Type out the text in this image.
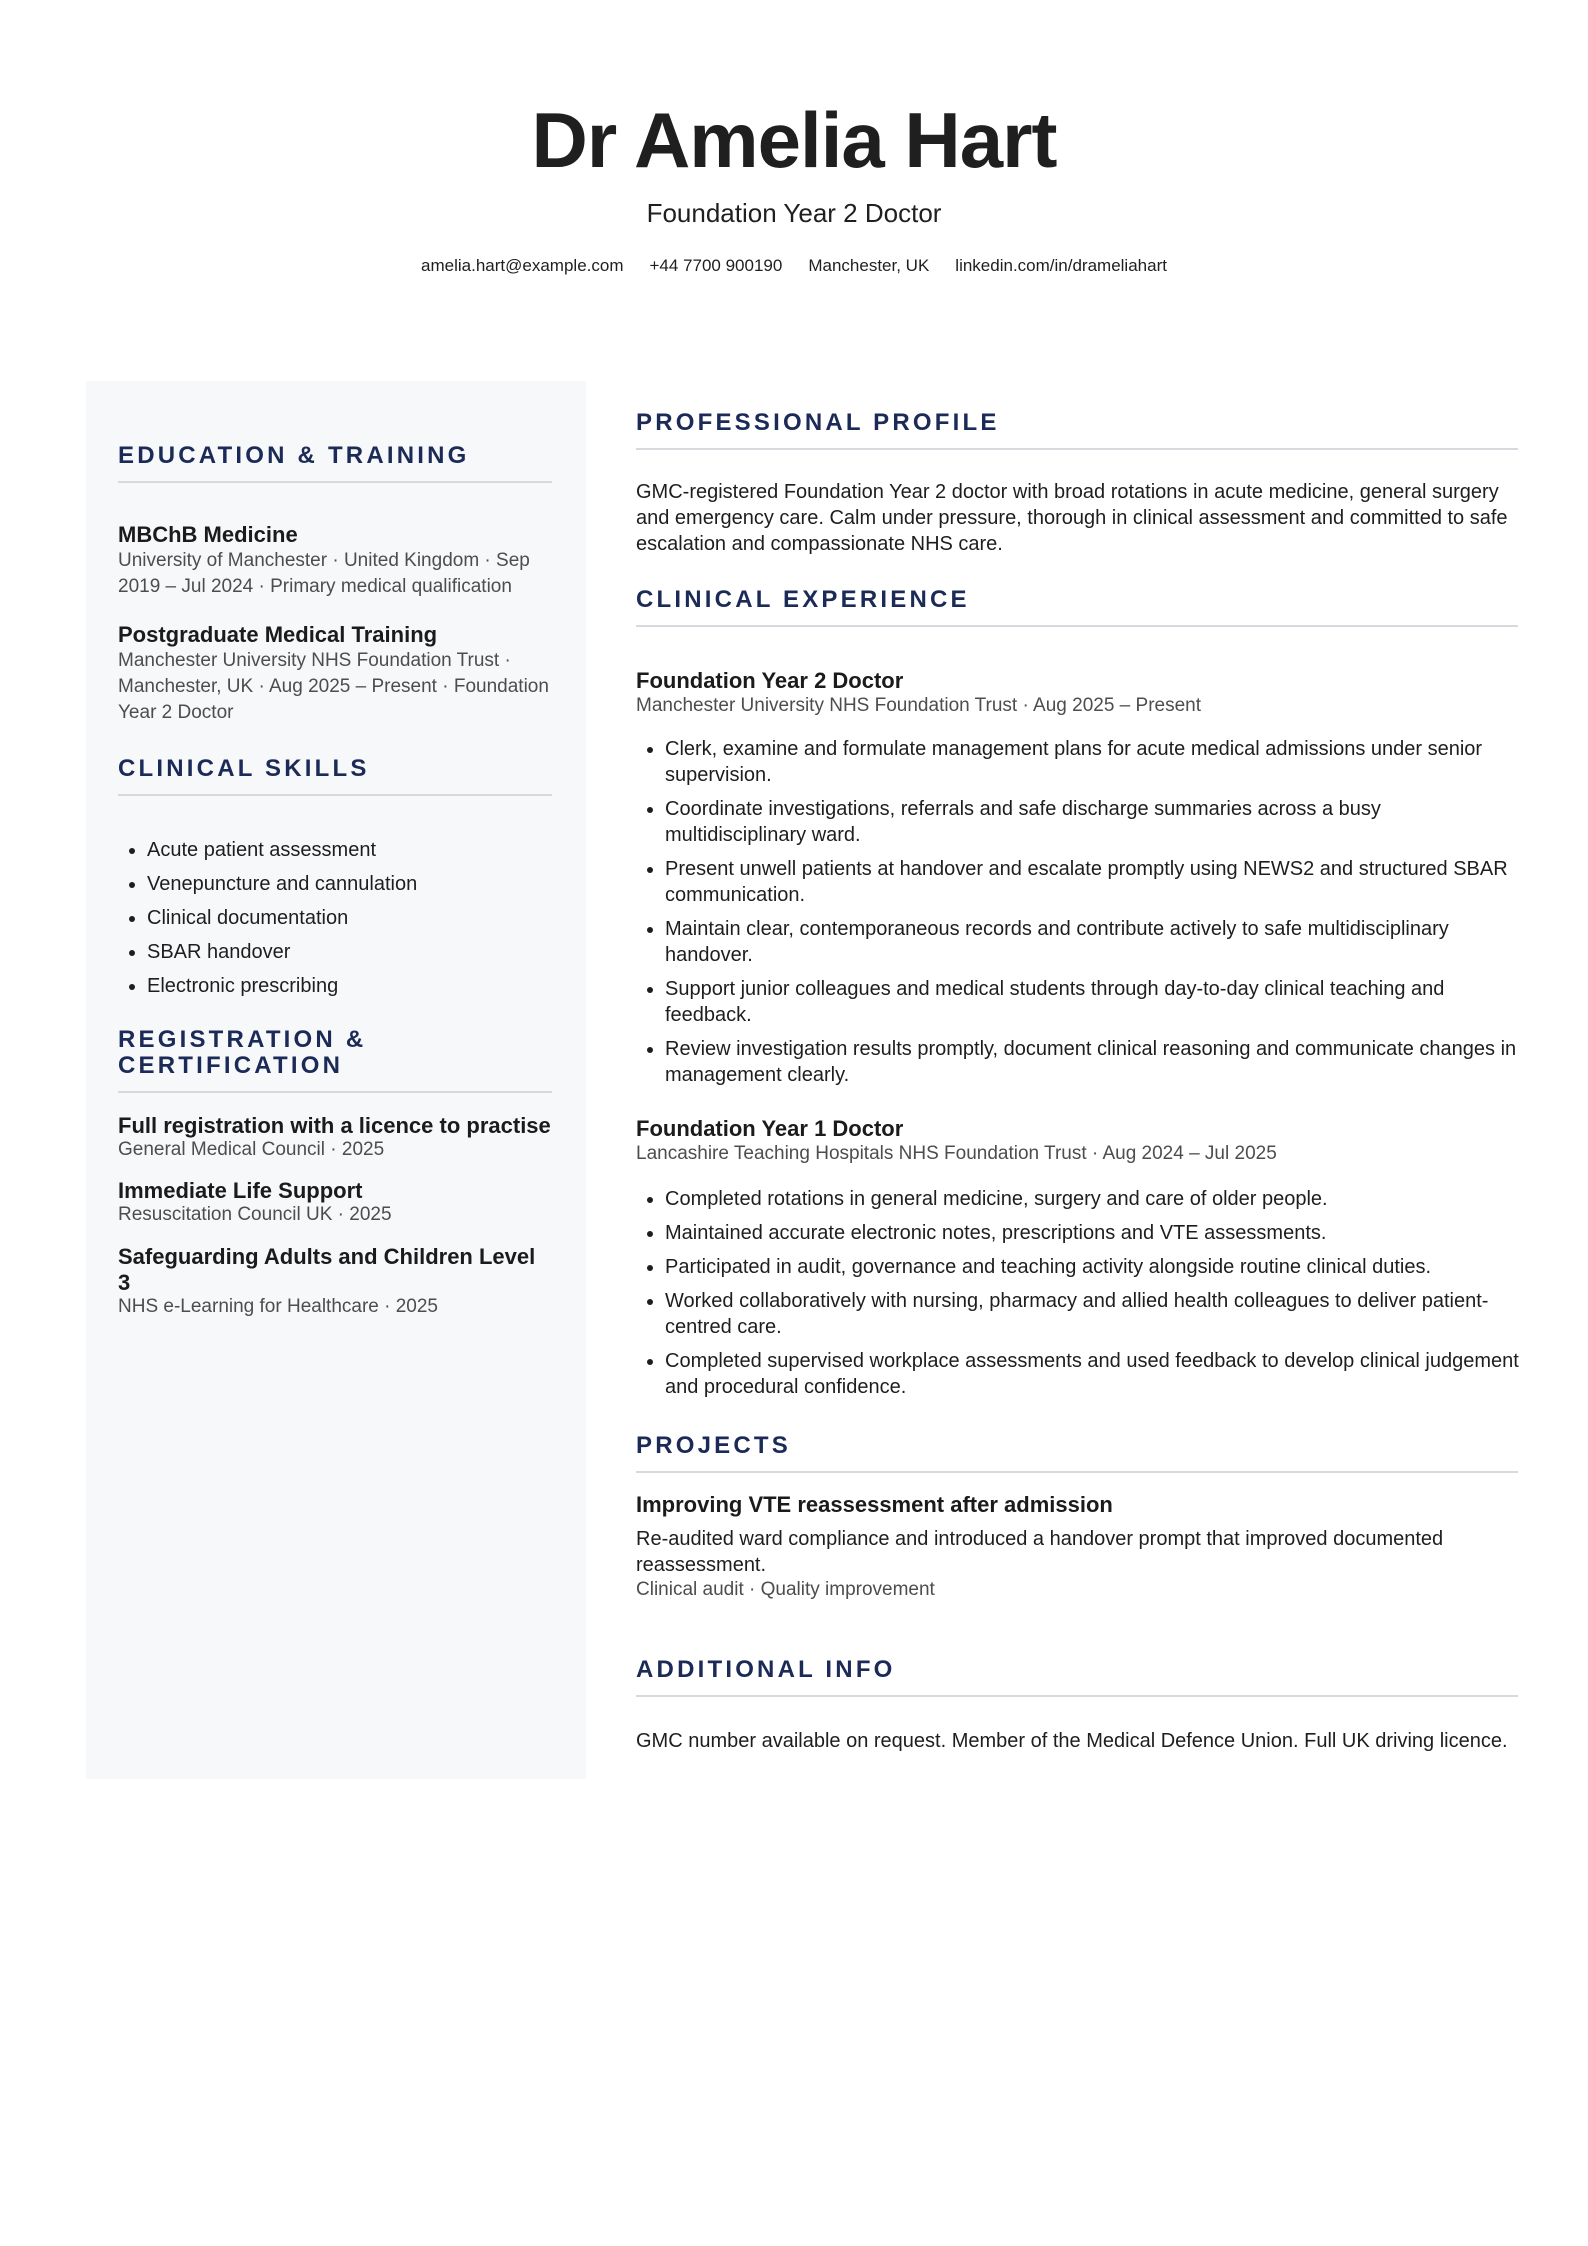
Dr Amelia Hart
Foundation Year 2 Doctor
amelia.hart@example.com +44 7700 900190 Manchester, UK linkedin.com/in/drameliahart
EDUCATION & TRAINING
MBChB Medicine
University of Manchester · United Kingdom · Sep 2019 – Jul 2024 · Primary medical qualification
Postgraduate Medical Training
Manchester University NHS Foundation Trust · Manchester, UK · Aug 2025 – Present · Foundation Year 2 Doctor
CLINICAL SKILLS
• Acute patient assessment
• Venepuncture and cannulation
• Clinical documentation
• SBAR handover
• Electronic prescribing
REGISTRATION & CERTIFICATION
Full registration with a licence to practise
General Medical Council · 2025
Immediate Life Support
Resuscitation Council UK · 2025
Safeguarding Adults and Children Level 3
NHS e-Learning for Healthcare · 2025
PROFESSIONAL PROFILE
GMC-registered Foundation Year 2 doctor with broad rotations in acute medicine, general surgery and emergency care. Calm under pressure, thorough in clinical assessment and committed to safe escalation and compassionate NHS care.
CLINICAL EXPERIENCE
Foundation Year 2 Doctor
Manchester University NHS Foundation Trust · Aug 2025 – Present
• Clerk, examine and formulate management plans for acute medical admissions under senior supervision.
• Coordinate investigations, referrals and safe discharge summaries across a busy multidisciplinary ward.
• Present unwell patients at handover and escalate promptly using NEWS2 and structured SBAR communication.
• Maintain clear, contemporaneous records and contribute actively to safe multidisciplinary handover.
• Support junior colleagues and medical students through day-to-day clinical teaching and feedback.
• Review investigation results promptly, document clinical reasoning and communicate changes in management clearly.
Foundation Year 1 Doctor
Lancashire Teaching Hospitals NHS Foundation Trust · Aug 2024 – Jul 2025
• Completed rotations in general medicine, surgery and care of older people.
• Maintained accurate electronic notes, prescriptions and VTE assessments.
• Participated in audit, governance and teaching activity alongside routine clinical duties.
• Worked collaboratively with nursing, pharmacy and allied health colleagues to deliver patient-centred care.
• Completed supervised workplace assessments and used feedback to develop clinical judgement and procedural confidence.
PROJECTS
Improving VTE reassessment after admission
Re-audited ward compliance and introduced a handover prompt that improved documented reassessment.
Clinical audit · Quality improvement
ADDITIONAL INFO
GMC number available on request. Member of the Medical Defence Union. Full UK driving licence.
